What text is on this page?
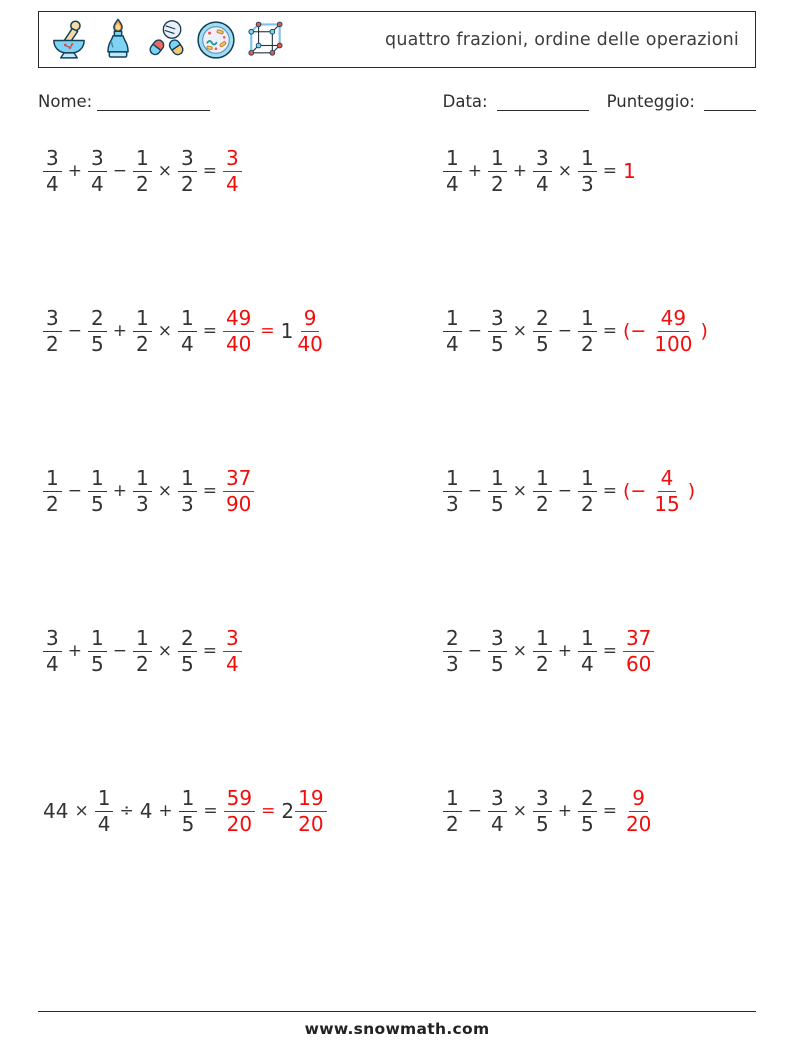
quattro frazioni, ordine delle operazioni
Nome:	Data:	Punteggio:
$\frac{3}{4} + \frac{3}{4} - \frac{1}{2} \times \frac{3}{2} = \frac{3}{4}$	$\frac{1}{4} + \frac{1}{2} + \frac{3}{4} \times \frac{1}{3} = 1$
$\frac{3}{2} - \frac{2}{5} + \frac{1}{2} \times \frac{1}{4} = \frac{49}{40} = 1 \frac{9}{40}$	$\frac{1}{4} - \frac{3}{5} \times \frac{2}{5} - \frac{1}{2}$ = (− $\frac{49}{100}$ )
$\frac{1}{2} - \frac{1}{5} + \frac{1}{3} \times \frac{1}{3} = \frac{37}{90}$	$\frac{1}{3} - \frac{1}{5} \times \frac{1}{2} - \frac{1}{2}$ = (− $\frac{4}{15}$ )
$\frac{3}{4} + \frac{1}{5} - \frac{1}{2} \times \frac{2}{5} = \frac{3}{4}$	$\frac{2}{3} - \frac{3}{5} \times \frac{1}{2} + \frac{1}{4} = \frac{37}{60}$
$44 \times \frac{1}{4} \div 4 + \frac{1}{5} = \frac{59}{20} = 2 \frac{19}{20}$	$\frac{1}{2} - \frac{3}{4} \times \frac{3}{5} + \frac{2}{5} = \frac{9}{20}$
www.snowmath.com
